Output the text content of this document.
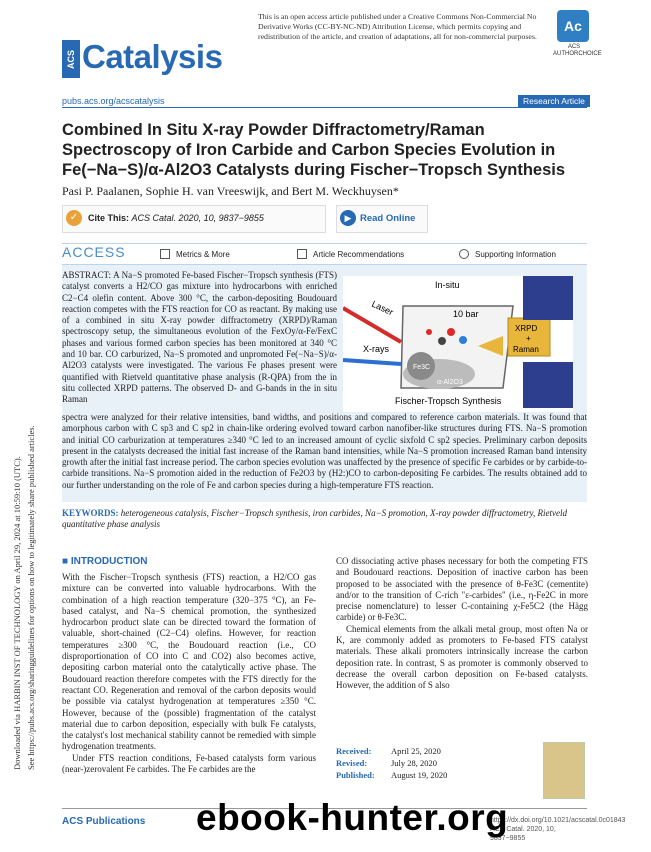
Downloaded via HARBIN INST OF TECHNOLOGY on April 29, 2024 at 10:59:10 (UTC). See https://pubs.acs.org/sharingguidelines for options on how to legitimately share published articles.
ACS Catalysis
This is an open access article published under a Creative Commons Non-Commercial No Derivative Works (CC-BY-NC-ND) Attribution License, which permits copying and redistribution of the article, and creation of adaptations, all for non-commercial purposes.
Ac
ACS AUTHORCHOICE
pubs.acs.org/acscatalysis	Research Article
Combined In Situ X-ray Powder Diffractometry/Raman Spectroscopy of Iron Carbide and Carbon Species Evolution in Fe(−Na−S)/α-Al2O3 Catalysts during Fischer−Tropsch Synthesis
Pasi P. Paalanen, Sophie H. van Vreeswijk, and Bert M. Weckhuysen*
✓	Cite This: ACS Catal. 2020, 10, 9837−9855	▶ Read Online
ACCESS	Metrics & More	Article Recommendations	Supporting Information
ABSTRACT: A Na−S promoted Fe-based Fischer−Tropsch synthesis (FTS) catalyst converts a H2/CO gas mixture into hydrocarbons with enriched C2−C4 olefin content. Above 300 °C, the carbon-depositing Boudouard reaction competes with the FTS reaction for CO as reactant. By making use of a combined in situ X-ray powder diffractometry (XRPD)/Raman spectroscopy setup, the simultaneous evolution of the FexOy/α-Fe/FexC phases and various formed carbon species has been monitored at 340 °C and 10 bar. CO carburized, Na−S promoted and unpromoted Fe(−Na−S)/α-Al2O3 catalysts were investigated. The various Fe phases present were quantified with Rietveld quantitative phase analysis (R-QPA) from the in situ collected XRPD patterns. The observed D- and G-bands in the in situ Raman
spectra were analyzed for their relative intensities, band widths, and positions and compared to reference carbon materials. It was found that amorphous carbon with C sp3 and C sp2 in chain-like ordering evolved toward carbon nanofiber-like structures during FTS. Na−S promotion and initial CO carburization at temperatures ≥340 °C led to an increased amount of cyclic sixfold C sp2 species. Preliminary carbon deposits present in the catalysts decreased the initial fast increase of the Raman band intensities, while Na−S promotion increased Raman band intensity growth after the initial fast increase period. The carbon species evolution was unaffected by the presence of specific Fe carbides or by carbide-to-carbide transitions. Na−S promotion aided in the reduction of Fe2O3 by (H2:)CO to carbon-depositing Fe carbides. The results obtained add to our further understanding on the role of Fe and carbon species during a high-temperature FTS reaction.
In-situ
Laser	10 bar
X-rays
Fe3C
α-Al2O3
XRPD
+
Raman
Fischer-Tropsch Synthesis
KEYWORDS: heterogeneous catalysis, Fischer−Tropsch synthesis, iron carbides, Na−S promotion, X-ray powder diffractometry, Rietveld quantitative phase analysis
■ INTRODUCTION
With the Fischer−Tropsch synthesis (FTS) reaction, a H2/CO gas mixture can be converted into valuable hydrocarbons. With the combination of a high reaction temperature (320−375 °C), an Fe-based catalyst, and Na−S chemical promotion, the synthesized hydrocarbon product slate can be directed toward the formation of valuable, short-chained (C2−C4) olefins. However, for reaction temperatures ≥300 °C, the Boudouard reaction (i.e., CO disproportionation of CO into C and CO2) also becomes active, depositing carbon material onto the catalytically active phase. The Boudouard reaction therefore competes with the FTS directly for the reactant CO. Regeneration and removal of the carbon deposits would be possible via catalyst hydrogenation at temperatures ≥350 °C. However, because of the (possible) fragmentation of the catalyst material due to carbon deposition, especially with bulk Fe catalysts, the catalyst's lost mechanical stability cannot be remedied with simple hydrogenation treatments.
Under FTS reaction conditions, Fe-based catalysts form various (near-)zerovalent Fe carbides. The Fe carbides are the
CO dissociating active phases necessary for both the competing FTS and Boudouard reactions. Deposition of inactive carbon has been proposed to be associated with the presence of θ-Fe3C (cementite) and/or to the transition of C-rich "ε-carbides" (i.e., η-Fe2C in more precise nomenclature) to lesser C-containing χ-Fe5C2 (the Hägg carbide) or θ-Fe3C.
Chemical elements from the alkali metal group, most often Na or K, are commonly added as promoters to Fe-based FTS catalyst materials. These alkali promoters intrinsically increase the carbon deposition rate. In contrast, S as promoter is commonly observed to decrease the overall carbon deposition on Fe-based catalysts. However, the addition of S also
Received: April 25, 2020
Revised:	July 28, 2020
Published: August 19, 2020
ACS Publications	https://dx.doi.org/10.1021/acscatal.0c01843 ACS Catal. 2020, 10, 9837−9855
ebook-hunter.org
